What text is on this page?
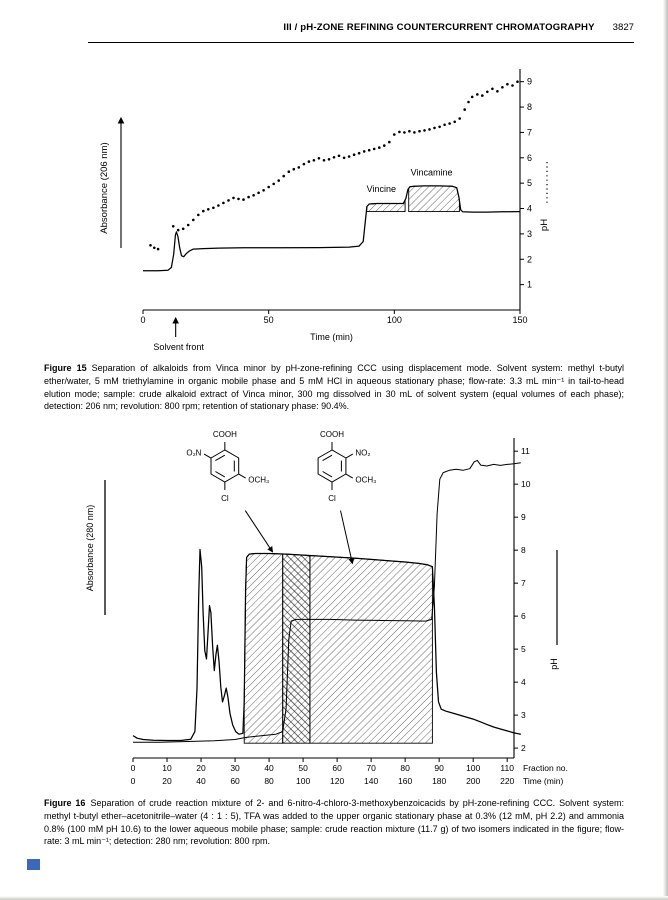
III / pH-ZONE REFINING COUNTERCURRENT CHROMATOGRAPHY 3827
Vincine
Vincamine
0	50	100	150
Time (min)
1
2
3
4
5
6
7
8
9
Absorbance (206 nm)	pH
Solvent front
Figure 15 Separation of alkaloids from Vinca minor by pH-zone-refining CCC using displacement mode. Solvent system: methyl t-butyl ether/water, 5 mM triethylamine in organic mobile phase and 5 mM HCl in aqueous stationary phase; flow-rate: 3.3 mL min⁻¹ in tail-to-head elution mode; sample: crude alkaloid extract of Vinca minor, 300 mg dissolved in 30 mL of solvent system (equal volumes of each phase); detection: 206 nm; revolution: 800 rpm; retention of stationary phase: 90.4%.
0
0
10
20
20
40
30
60
40
80
50
100
60
120
70
140
80
160
90
180
100
200
110
220
Fraction no.
Time (min)
2
3
4
5
6
7
8
9
10
11
Absorbance (280 nm)
pH
COOH
O₂N
OCH₃
Cl
COOH
NO₂
OCH₃
Cl
Figure 16 Separation of crude reaction mixture of 2- and 6-nitro-4-chloro-3-methoxybenzoicacids by pH-zone-refining CCC. Solvent system: methyl t-butyl ether–acetonitrile–water (4 : 1 : 5), TFA was added to the upper organic stationary phase at 0.3% (12 mM, pH 2.2) and ammonia 0.8% (100 mM pH 10.6) to the lower aqueous mobile phase; sample: crude reaction mixture (11.7 g) of two isomers indicated in the figure; flow-rate: 3 mL min⁻¹; detection: 280 nm; revolution: 800 rpm.
